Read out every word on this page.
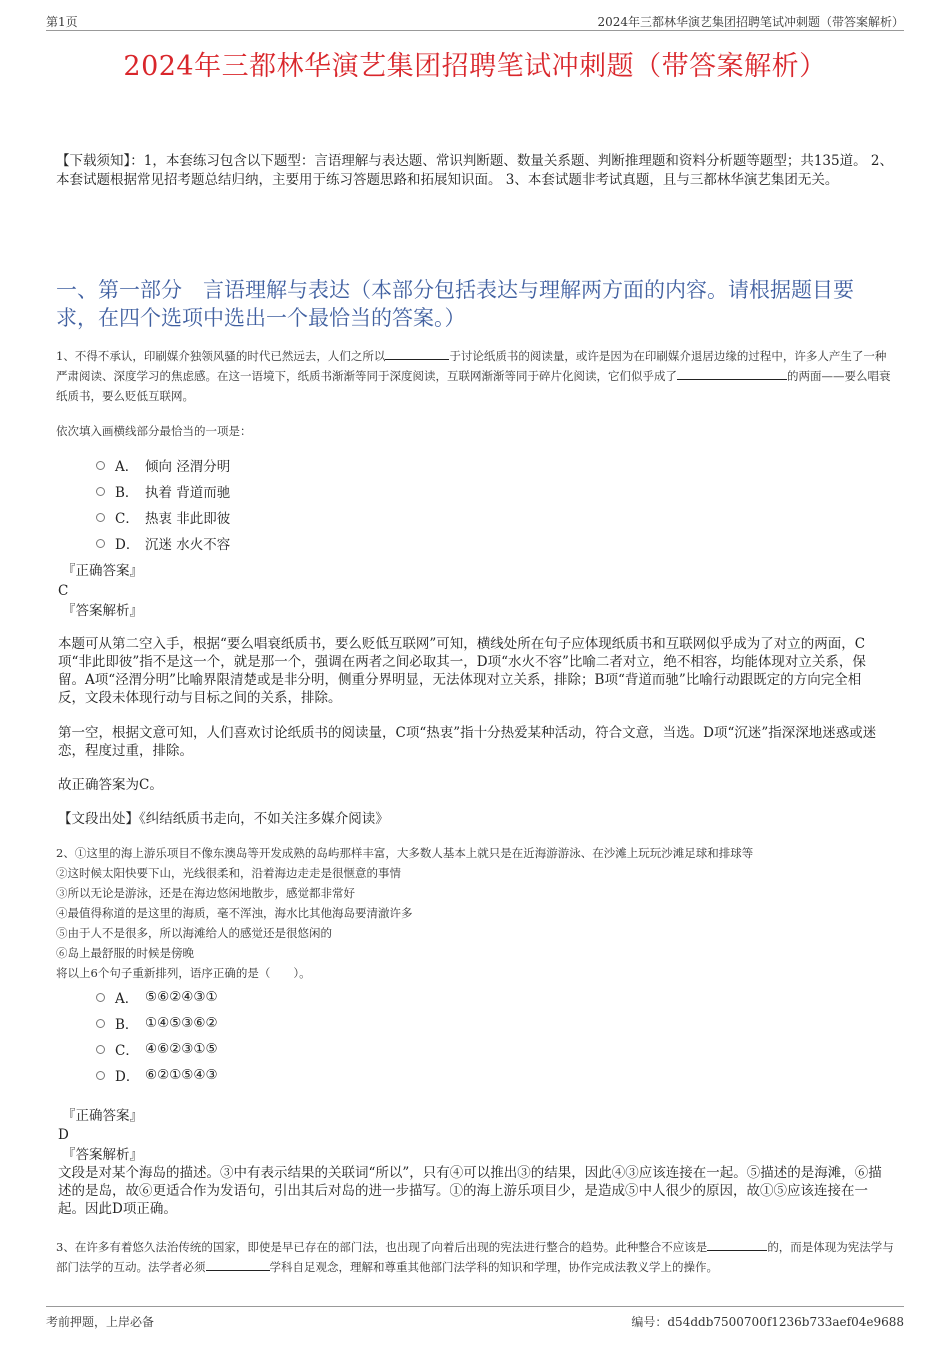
第1页	2024年三都林华演艺集团招聘笔试冲刺题（带答案解析）
2024年三都林华演艺集团招聘笔试冲刺题（带答案解析）
【下载须知】：1，本套练习包含以下题型：言语理解与表达题、常识判断题、数量关系题、判断推理题和资料分析题等题型；共135道。 2、本套试题根据常见招考题总结归纳，主要用于练习答题思路和拓展知识面。 3、本套试题非考试真题，且与三都林华演艺集团无关。
一、第一部分　言语理解与表达（本部分包括表达与理解两方面的内容。请根据题目要求，在四个选项中选出一个最恰当的答案。）
1、不得不承认，印刷媒介独领风骚的时代已然远去，人们之所以	于讨论纸质书的阅读量，或许是因为在印刷媒介退居边缘的过程中，许多人产生了一种严肃阅读、深度学习的焦虑感。在这一语境下，纸质书渐渐等同于深度阅读，互联网渐渐等同于碎片化阅读，它们似乎成了	的两面——要么唱衰纸质书，要么贬低互联网。
依次填入画横线部分最恰当的一项是：
A． 倾向 泾渭分明
B． 执着 背道而驰
C． 热衷 非此即彼
D． 沉迷 水火不容
『正确答案』
C
『答案解析』
本题可从第二空入手，根据“要么唱衰纸质书，要么贬低互联网”可知，横线处所在句子应体现纸质书和互联网似乎成为了对立的两面，C项“非此即彼”指不是这一个，就是那一个，强调在两者之间必取其一，D项“水火不容”比喻二者对立，绝不相容，均能体现对立关系，保留。A项“泾渭分明”比喻界限清楚或是非分明，侧重分界明显，无法体现对立关系，排除；B项“背道而驰”比喻行动跟既定的方向完全相反，文段未体现行动与目标之间的关系，排除。
第一空，根据文意可知，人们喜欢讨论纸质书的阅读量，C项“热衷”指十分热爱某种活动，符合文意，当选。D项“沉迷”指深深地迷惑或迷恋，程度过重，排除。
故正确答案为C。
【文段出处】《纠结纸质书走向，不如关注多媒介阅读》
2、①这里的海上游乐项目不像东澳岛等开发成熟的岛屿那样丰富，大多数人基本上就只是在近海游游泳、在沙滩上玩玩沙滩足球和排球等
②这时候太阳快要下山，光线很柔和，沿着海边走走是很惬意的事情
③所以无论是游泳，还是在海边悠闲地散步，感觉都非常好
④最值得称道的是这里的海质，毫不浑浊，海水比其他海岛要清澈许多
⑤由于人不是很多，所以海滩给人的感觉还是很悠闲的
⑥岛上最舒服的时候是傍晚
将以上6个句子重新排列，语序正确的是（　　）。
A． ⑤⑥②④③①
B． ①④⑤③⑥②
C． ④⑥②③①⑤
D． ⑥②①⑤④③
『正确答案』
D
『答案解析』
文段是对某个海岛的描述。③中有表示结果的关联词“所以”，只有④可以推出③的结果，因此④③应该连接在一起。⑤描述的是海滩，⑥描述的是岛，故⑥更适合作为发语句，引出其后对岛的进一步描写。①的海上游乐项目少，是造成⑤中人很少的原因，故①⑤应该连接在一起。因此D项正确。
3、在许多有着悠久法治传统的国家，即使是早已存在的部门法，也出现了向着后出现的宪法进行整合的趋势。此种整合不应该是	的，而是体现为宪法学与部门法学的互动。法学者必须	学科自足观念，理解和尊重其他部门法学科的知识和学理，协作完成法教义学上的操作。
考前押题，上岸必备	编号：d54ddb7500700f1236b733aef04e9688
